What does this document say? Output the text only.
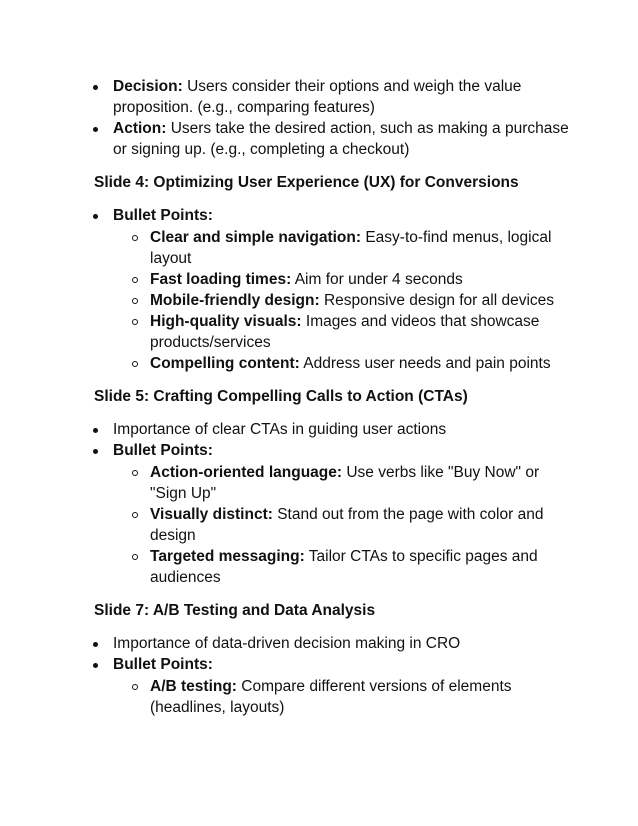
Decision: Users consider their options and weigh the value proposition. (e.g., comparing features)
Action: Users take the desired action, such as making a purchase or signing up. (e.g., completing a checkout)
Slide 4: Optimizing User Experience (UX) for Conversions
Bullet Points:
Clear and simple navigation: Easy-to-find menus, logical layout
Fast loading times: Aim for under 4 seconds
Mobile-friendly design: Responsive design for all devices
High-quality visuals: Images and videos that showcase products/services
Compelling content: Address user needs and pain points
Slide 5: Crafting Compelling Calls to Action (CTAs)
Importance of clear CTAs in guiding user actions
Bullet Points:
Action-oriented language: Use verbs like "Buy Now" or "Sign Up"
Visually distinct: Stand out from the page with color and design
Targeted messaging: Tailor CTAs to specific pages and audiences
Slide 7: A/B Testing and Data Analysis
Importance of data-driven decision making in CRO
Bullet Points:
A/B testing: Compare different versions of elements (headlines, layouts)
